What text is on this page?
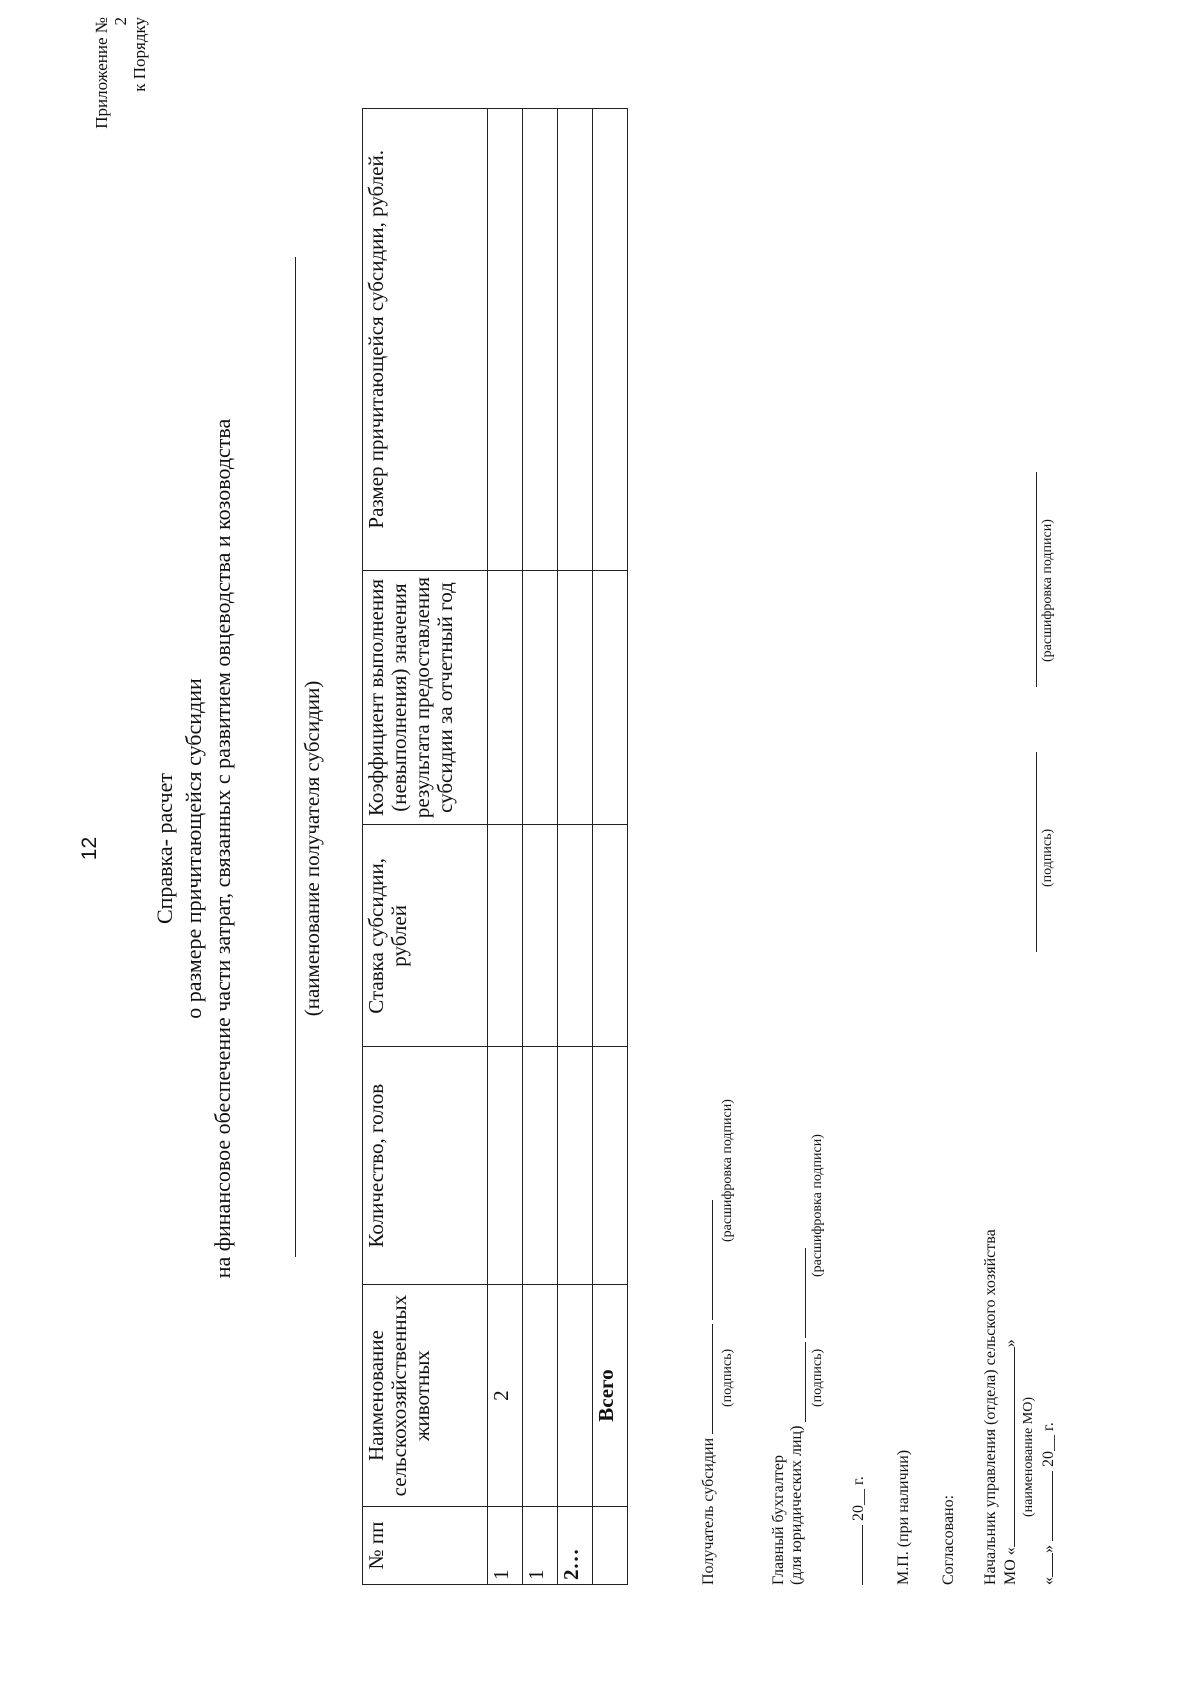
Приложение № 2 к Порядку
12 Справка- расчет о размере причитающейся субсидии на финансовое обеспечение части затрат, связанных с развитием овцеводства и козоводства	(наименование получателя субсидии)
№ пп	Наименование сельскохозяйственных животных	Количество, голов	Ставка субсидии, рублей	Коэффициент выполнения (невыполнения) значения результата предоставления субсидии за отчетный год	Размер причитающейся субсидии, рублей.
1	2				
1					
2…					
	Всего				
Получатель субсидии
(подпись)
(расшифровка подписи)
Главный бухгалтер (для юридических лиц)
(подпись)
(расшифровка подписи)
20__ г. М.П. (при наличии) Согласовано: Начальник управления (отдела) сельского хозяйства МО «»
(наименование МО)
«»  20__ г.
(подпись)
(расшифровка подписи)
